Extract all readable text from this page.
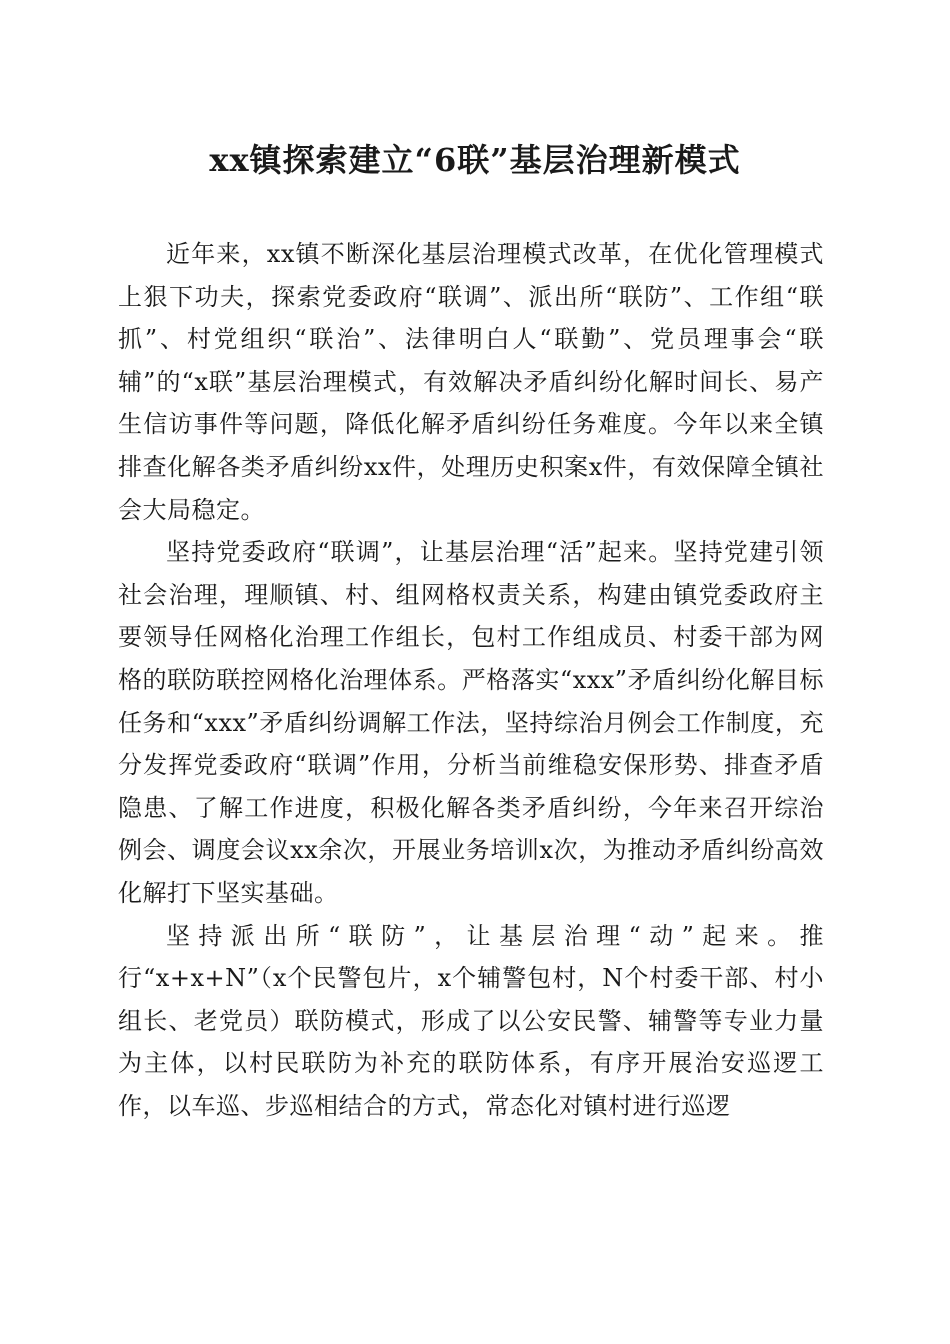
xx镇探索建立“6联”基层治理新模式

近年来，xx镇不断深化基层治理模式改革，在优化管理模式上狠下功夫，探索党委政府“联调”、派出所“联防”、工作组“联抓”、村党组织“联治”、法律明白人“联勤”、党员理事会“联辅”的“x联”基层治理模式，有效解决矛盾纠纷化解时间长、易产生信访事件等问题，降低化解矛盾纠纷任务难度。今年以来全镇排查化解各类矛盾纠纷xx件，处理历史积案x件，有效保障全镇社会大局稳定。

坚持党委政府“联调”，让基层治理“活”起来。坚持党建引领社会治理，理顺镇、村、组网格权责关系，构建由镇党委政府主要领导任网格化治理工作组长，包村工作组成员、村委干部为网格的联防联控网格化治理体系。严格落实“xxx”矛盾纠纷化解目标任务和“xxx”矛盾纠纷调解工作法，坚持综治月例会工作制度，充分发挥党委政府“联调”作用，分析当前维稳安保形势、排查矛盾隐患、了解工作进度，积极化解各类矛盾纠纷，今年来召开综治例会、调度会议xx余次，开展业务培训x次，为推动矛盾纠纷高效化解打下坚实基础。

坚持派出所“联防”，让基层治理“动”起来。推行“x+x+N”（x个民警包片，x个辅警包村，N个村委干部、村小组长、老党员）联防模式，形成了以公安民警、辅警等专业力量为主体，以村民联防为补充的联防体系，有序开展治安巡逻工作，以车巡、步巡相结合的方式，常态化对镇村进行巡逻
